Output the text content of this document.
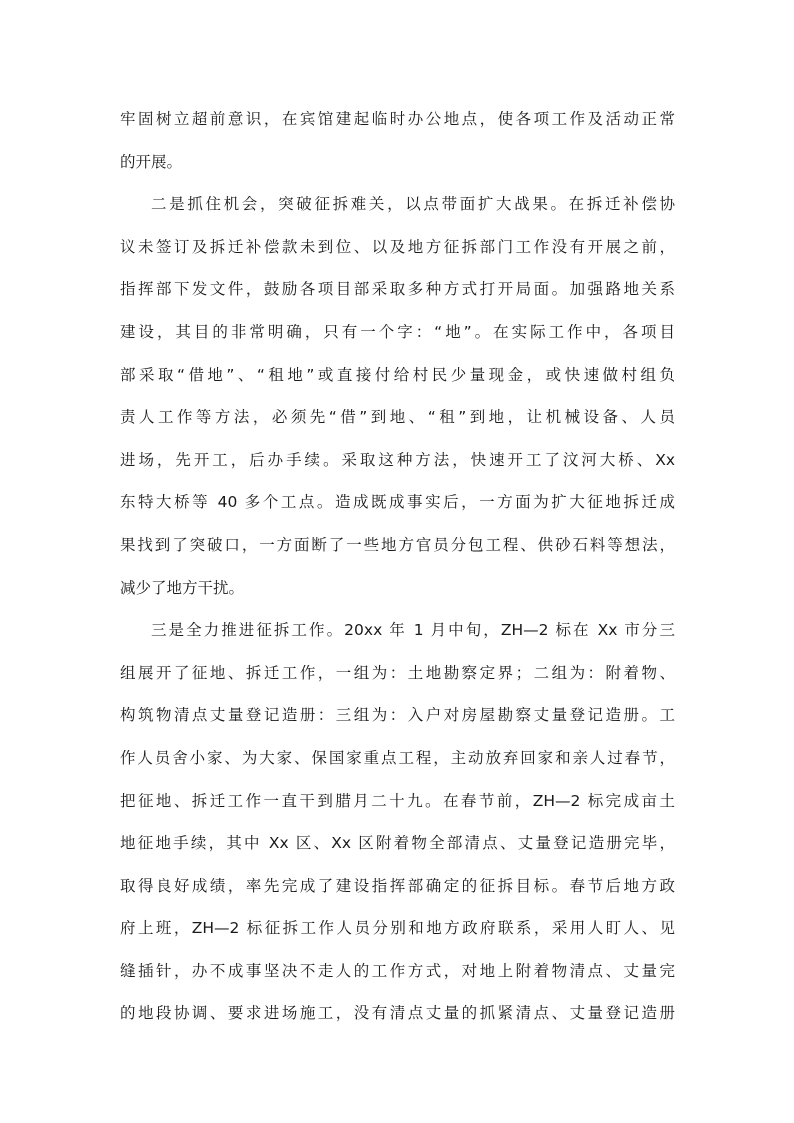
牢固树立超前意识，在宾馆建起临时办公地点，使各项工作及活动正常
的开展。
二是抓住机会，突破征拆难关，以点带面扩大战果。在拆迁补偿协
议未签订及拆迁补偿款未到位、以及地方征拆部门工作没有开展之前，
指挥部下发文件，鼓励各项目部采取多种方式打开局面。加强路地关系
建设，其目的非常明确，只有一个字：“地”。在实际工作中，各项目
部采取“借地”、“租地”或直接付给村民少量现金，或快速做村组负
责人工作等方法，必须先“借”到地、“租”到地，让机械设备、人员
进场，先开工，后办手续。采取这种方法，快速开工了汶河大桥、Xx
东特大桥等 40 多个工点。造成既成事实后，一方面为扩大征地拆迁成
果找到了突破口，一方面断了一些地方官员分包工程、供砂石料等想法，
减少了地方干扰。
三是全力推进征拆工作。20xx 年 1 月中旬，ZH—2 标在 Xx 市分三
组展开了征地、拆迁工作，一组为：土地勘察定界；二组为：附着物、
构筑物清点丈量登记造册：三组为：入户对房屋勘察丈量登记造册。工
作人员舍小家、为大家、保国家重点工程，主动放弃回家和亲人过春节，
把征地、拆迁工作一直干到腊月二十九。在春节前，ZH—2 标完成亩土
地征地手续，其中 Xx 区、Xx 区附着物全部清点、丈量登记造册完毕，
取得良好成绩，率先完成了建设指挥部确定的征拆目标。春节后地方政
府上班，ZH—2 标征拆工作人员分别和地方政府联系，采用人盯人、见
缝插针，办不成事坚决不走人的工作方式，对地上附着物清点、丈量完
的地段协调、要求进场施工，没有清点丈量的抓紧清点、丈量登记造册
